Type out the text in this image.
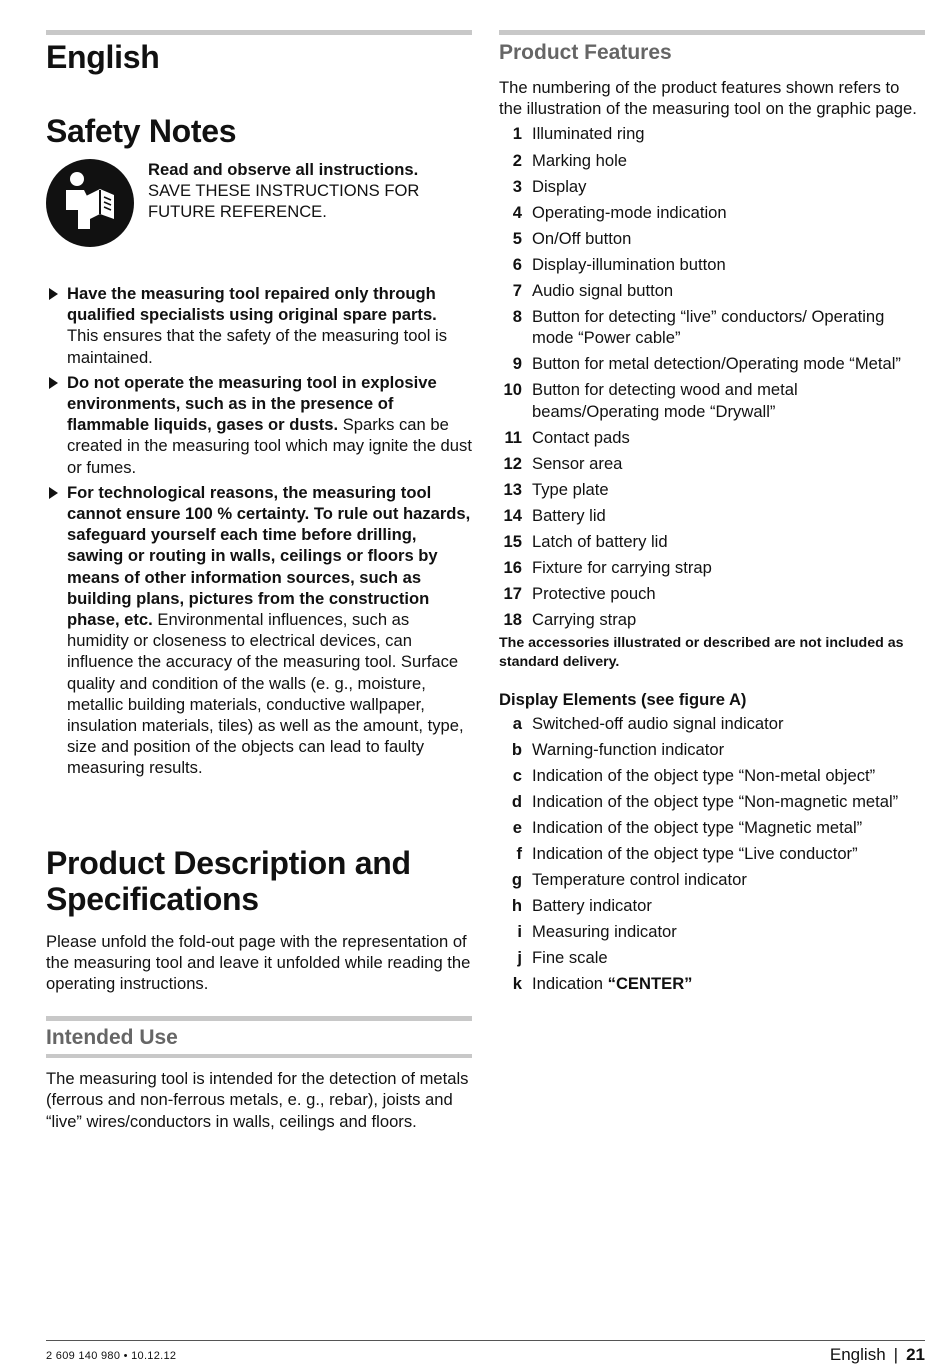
English
Safety Notes
Read and observe all instructions.
SAVE THESE INSTRUCTIONS FOR
FUTURE REFERENCE.
Have the measuring tool repaired only through qualified specialists using original spare parts. This ensures that the safety of the measuring tool is maintained.
Do not operate the measuring tool in explosive environments, such as in the presence of flammable liquids, gases or dusts. Sparks can be created in the measuring tool which may ignite the dust or fumes.
For technological reasons, the measuring tool cannot ensure 100 % certainty. To rule out hazards, safeguard yourself each time before drilling, sawing or routing in walls, ceilings or floors by means of other information sources, such as building plans, pictures from the construction phase, etc. Environmental influences, such as humidity or closeness to electrical devices, can influence the accuracy of the measuring tool. Surface quality and condition of the walls (e. g., moisture, metallic building materials, conductive wallpaper, insulation materials, tiles) as well as the amount, type, size and position of the objects can lead to faulty measuring results.
Product Description and
Specifications

Please unfold the fold-out page with the representation of the measuring tool and leave it unfolded while reading the operating instructions.

Intended Use

The measuring tool is intended for the detection of metals (ferrous and non-ferrous metals, e. g., rebar), joists and “live” wires/conductors in walls, ceilings and floors.

Product Features

The numbering of the product features shown refers to the illustration of the measuring tool on the graphic page.

1 Illuminated ring
2 Marking hole
3 Display
4 Operating-mode indication
5 On/Off button
6 Display-illumination button
7 Audio signal button
8 Button for detecting “live” conductors/ Operating mode “Power cable”
9 Button for metal detection/Operating mode “Metal”
10 Button for detecting wood and metal beams/Operating mode “Drywall”
11 Contact pads
12 Sensor area
13 Type plate
14 Battery lid
15 Latch of battery lid
16 Fixture for carrying strap
17 Protective pouch
18 Carrying strap

The accessories illustrated or described are not included as standard delivery.

Display Elements (see figure A)
a Switched-off audio signal indicator
b Warning-function indicator
c Indication of the object type “Non-metal object”
d Indication of the object type “Non-magnetic metal”
e Indication of the object type “Magnetic metal”
f Indication of the object type “Live conductor”
g Temperature control indicator
h Battery indicator
i Measuring indicator
j Fine scale
k Indication “CENTER”
2 609 140 980 • 10.12.12	English | 21
